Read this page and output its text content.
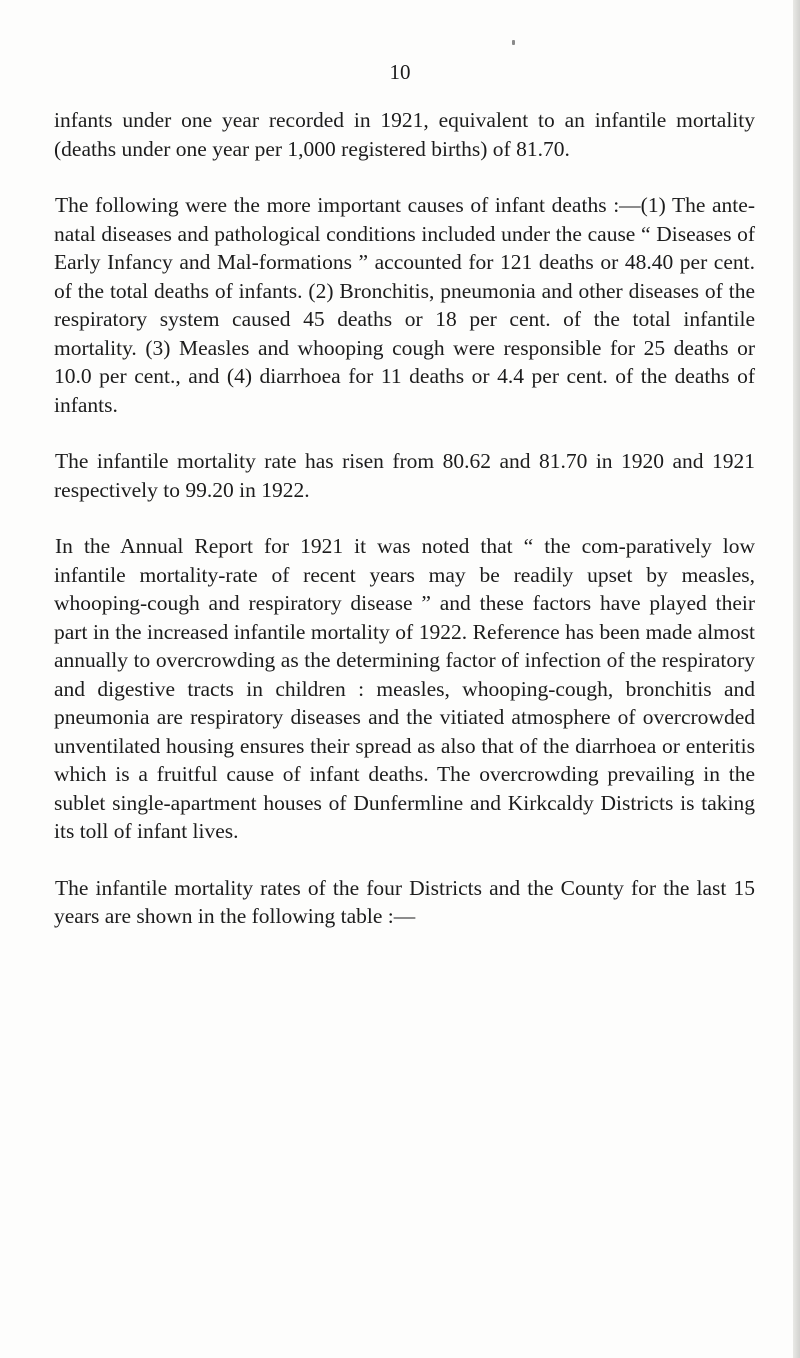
10

infants under one year recorded in 1921, equivalent to an infantile mortality (deaths under one year per 1,000 registered births) of 81.70.

The following were the more important causes of infant deaths :—(1) The ante-natal diseases and pathological conditions included under the cause “ Diseases of Early Infancy and Mal-formations ” accounted for 121 deaths or 48.40 per cent. of the total deaths of infants. (2) Bronchitis, pneumonia and other diseases of the respiratory system caused 45 deaths or 18 per cent. of the total infantile mortality. (3) Measles and whooping cough were responsible for 25 deaths or 10.0 per cent., and (4) diarrhoea for 11 deaths or 4.4 per cent. of the deaths of infants.

The infantile mortality rate has risen from 80.62 and 81.70 in 1920 and 1921 respectively to 99.20 in 1922.

In the Annual Report for 1921 it was noted that “ the com-paratively low infantile mortality-rate of recent years may be readily upset by measles, whooping-cough and respiratory disease ” and these factors have played their part in the increased infantile mortality of 1922. Reference has been made almost annually to overcrowding as the determining factor of infection of the respiratory and digestive tracts in children : measles, whooping-cough, bronchitis and pneumonia are respiratory diseases and the vitiated atmosphere of overcrowded unventilated housing ensures their spread as also that of the diarrhoea or enteritis which is a fruitful cause of infant deaths. The overcrowding prevailing in the sublet single-apartment houses of Dunfermline and Kirkcaldy Districts is taking its toll of infant lives.

The infantile mortality rates of the four Districts and the County for the last 15 years are shown in the following table :—
